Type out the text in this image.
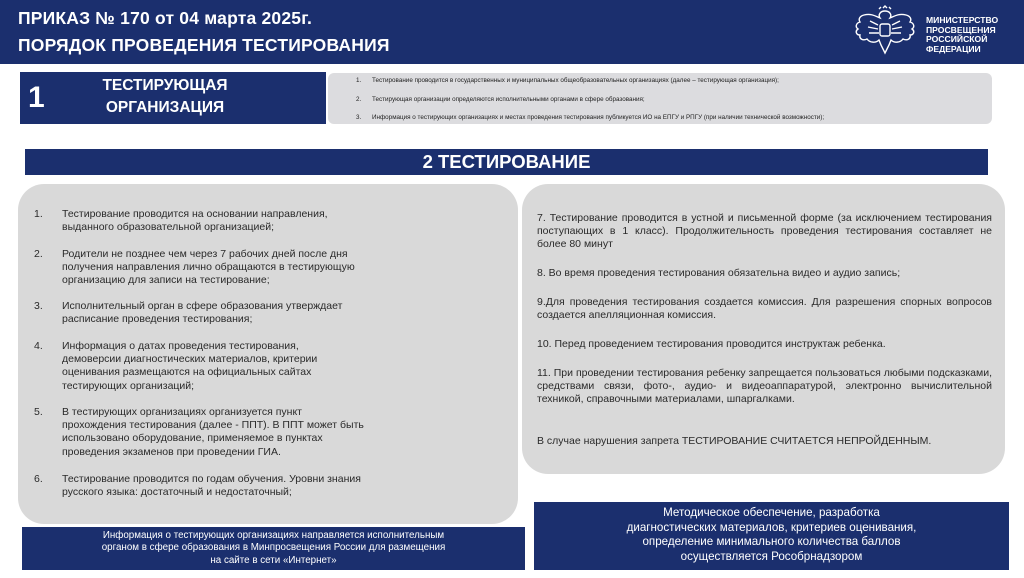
ПРИКАЗ № 170 от 04 марта 2025г.
ПОРЯДОК ПРОВЕДЕНИЯ ТЕСТИРОВАНИЯ
МИНИСТЕРСТВО
ПРОСВЕЩЕНИЯ
РОССИЙСКОЙ
ФЕДЕРАЦИИ
1	ТЕСТИРУЮЩАЯ
ОРГАНИЗАЦИЯ
1. Тестирование проводится в государственных и муниципальных общеобразовательных организациях (далее – тестирующая организация);
2. Тестирующая организации определяются исполнительными органами в сфере образования;
3. Информация о тестирующих организациях и местах проведения тестирования публикуется ИО на ЕПГУ и РПГУ (при наличии технической возможности);
2 ТЕСТИРОВАНИЕ
1. Тестирование проводится на основании направления,
выданного образовательной организацией;
2. Родители не позднее чем через 7 рабочих дней после дня
получения направления лично обращаются в тестирующую
организацию для записи на тестирование;
3. Исполнительный орган в сфере образования утверждает
расписание проведения тестирования;
4. Информация о датах проведения тестирования,
демоверсии диагностических материалов, критерии
оценивания размещаются на официальных сайтах
тестирующих организаций;
5. В тестирующих организациях организуется пункт
прохождения тестирования (далее - ППТ). В ППТ может быть
использовано оборудование, применяемое в пунктах
проведения экзаменов при проведении ГИА.
6. Тестирование проводится по годам обучения. Уровни знания
русского языка: достаточный и недостаточный;
7. Тестирование проводится в устной и письменной форме (за исключением тестирования поступающих в 1 класс). Продолжительность проведения тестирования составляет не более 80 минут
8. Во время проведения тестирования обязательна видео и аудио запись;
9.Для проведения тестирования создается комиссия. Для разрешения спорных вопросов создается апелляционная комиссия.
10. Перед проведением тестирования проводится инструктаж ребенка.
11. При проведении тестирования ребенку запрещается пользоваться любыми подсказками, средствами связи, фото-, аудио- и видеоаппаратурой, электронно вычислительной техникой, справочными материалами, шпаргалками.
В случае нарушения запрета ТЕСТИРОВАНИЕ СЧИТАЕТСЯ НЕПРОЙДЕННЫМ.
Методическое обеспечение, разработка
диагностических материалов, критериев оценивания,
определение минимального количества баллов
осуществляется Рособрнадзором
Информация о тестирующих организациях направляется исполнительным
органом в сфере образования в Минпросвещения России для размещения
на сайте в сети «Интернет»
